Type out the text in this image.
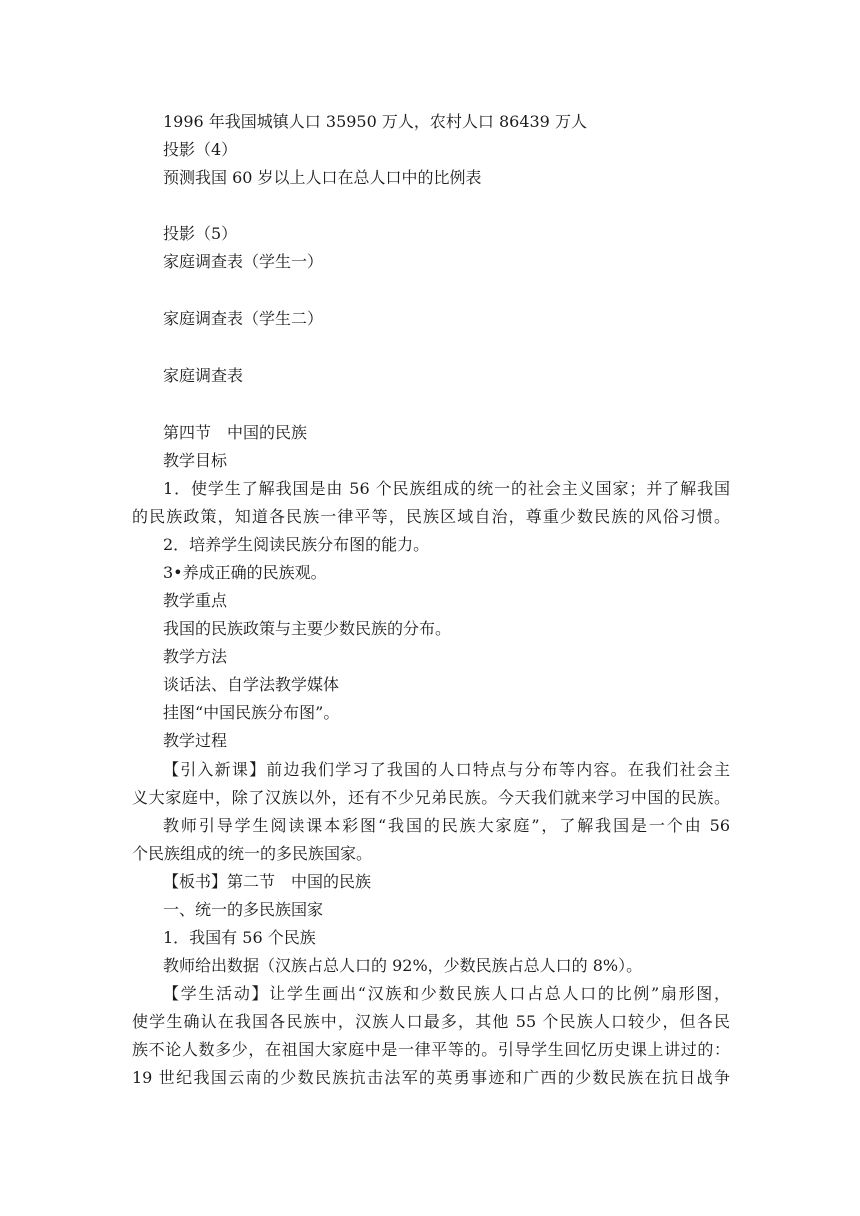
1996 年我国城镇人口 35950 万人，农村人口 86439 万人
投影（4）
预测我国 60 岁以上人口在总人口中的比例表
投影（5）
家庭调查表（学生一）
家庭调查表（学生二）
家庭调查表
第四节　中国的民族
教学目标
1．使学生了解我国是由 56 个民族组成的统一的社会主义国家；并了解我国
的民族政策，知道各民族一律平等，民族区域自治，尊重少数民族的风俗习惯。
2．培养学生阅读民族分布图的能力。
3•养成正确的民族观。
教学重点
我国的民族政策与主要少数民族的分布。
教学方法
谈话法、自学法教学媒体
挂图“中国民族分布图”。
教学过程
【引入新课】前边我们学习了我国的人口特点与分布等内容。在我们社会主
义大家庭中，除了汉族以外，还有不少兄弟民族。今天我们就来学习中国的民族。
教师引导学生阅读课本彩图“我国的民族大家庭”，了解我国是一个由 56
个民族组成的统一的多民族国家。
【板书】第二节　中国的民族
一、统一的多民族国家
1．我国有 56 个民族
教师给出数据（汉族占总人口的 92%，少数民族占总人口的 8%）。
【学生活动】让学生画出“汉族和少数民族人口占总人口的比例”扇形图，
使学生确认在我国各民族中，汉族人口最多，其他 55 个民族人口较少，但各民
族不论人数多少，在祖国大家庭中是一律平等的。引导学生回忆历史课上讲过的：
19 世纪我国云南的少数民族抗击法军的英勇事迹和广西的少数民族在抗日战争
